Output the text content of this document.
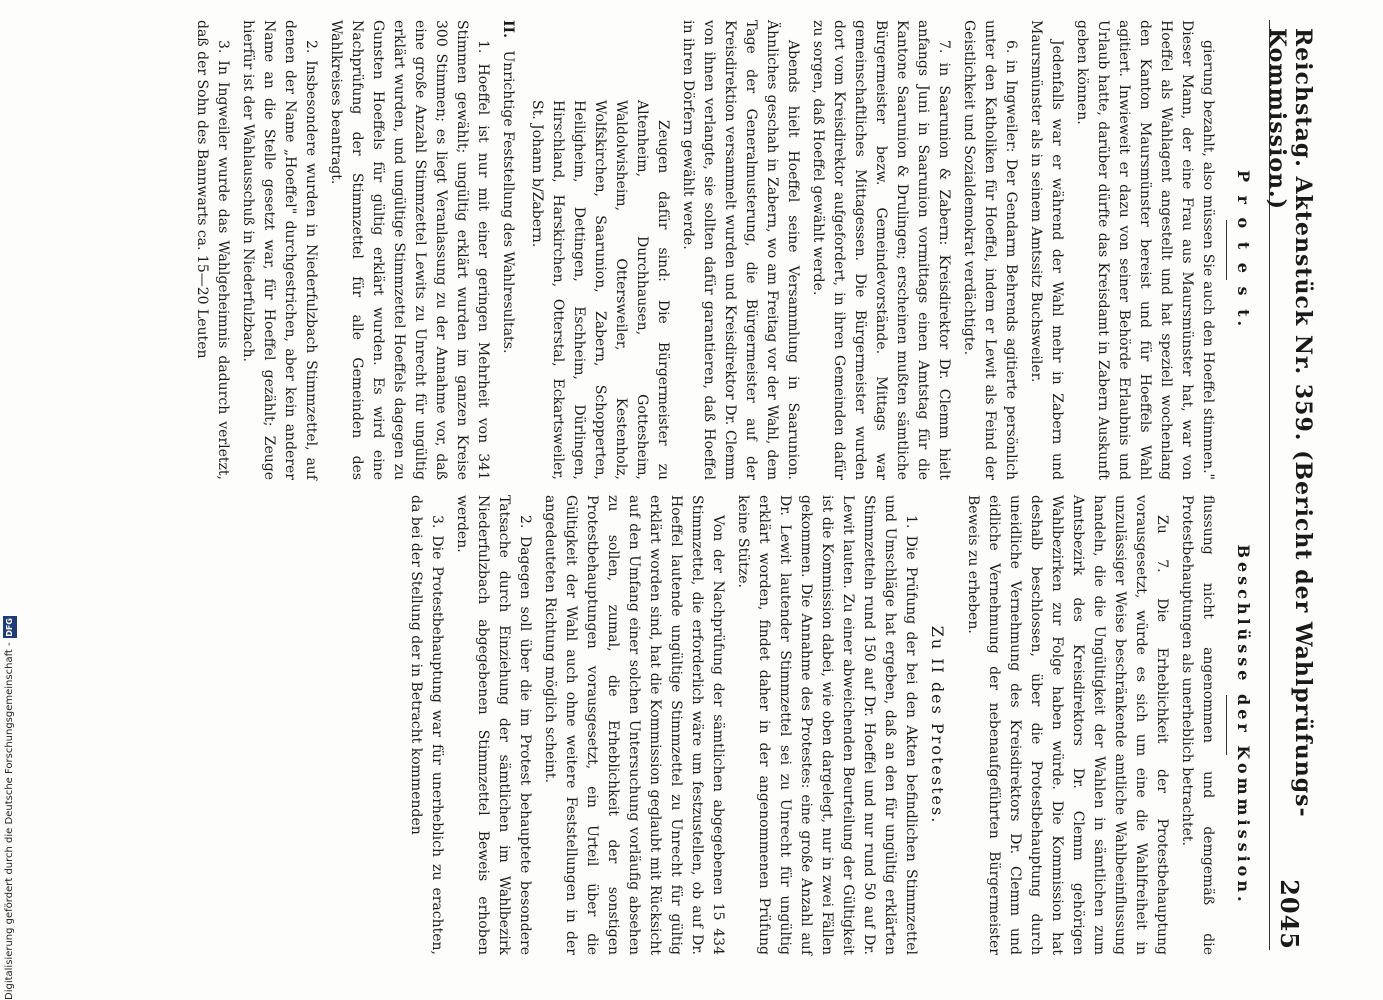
Reichstag. Aktenstück Nr. 359. (Bericht der Wahlprüfungs-Kommission.)
2045
P r o t e s t.

gierung bezahlt, also müssen Sie auch den Hoeffel stimmen." Dieser Mann, der eine Frau aus Maursmünster hat, war von Hoeffel als Wahlagent angestellt und hat speziell wochenlang den Kanton Maursmünster bereist und für Hoeffels Wahl agitiert. Inwieweit er dazu von seiner Behörde Erlaubnis und Urlaub hatte, darüber dürfte das Kreisdamt in Zabern Auskunft geben können.

Jedenfalls war er während der Wahl mehr in Zabern und Maursmünster als in seinem Amtssitz Buchsweiler.

6. in Ingweiler: Der Gendarm Behrends agitierte persönlich unter den Katholiken für Hoeffel, indem er Lewit als Feind der Geistlichkeit und Sozialdemokrat verdächtigte.

7. in Saarunion & Zabern: Kreisdirektor Dr. Clemm hielt anfangs Juni in Saarunion vormittags einen Amtstag für die Kantone Saarunion & Drulingen; erscheinen mußten sämtliche Bürgermeister bezw. Gemeindevorstände. Mittags war gemeinschaftliches Mittagessen. Die Bürgermeister wurden dort vom Kreisdirektor aufgefordert, in ihren Gemeinden dafür zu sorgen, daß Hoeffel gewählt werde.

Abends hielt Hoeffel seine Versammlung in Saarunion. Ähnliches geschah in Zabern, wo am Freitag vor der Wahl, dem Tage der Generalmusterung, die Bürgermeister auf der Kreisdirektion versammelt wurden und Kreisdirektor Dr. Clemm von ihnen verlangte, sie sollten dafür garantieren, daß Hoeffel in ihren Dörfern gewählt werde.

Zeugen dafür sind: Die Bürgermeister zu Altenheim, Durchhausen, Gottesheim, Waldolwisheim, Ottersweiler, Kestenholz, Wolfskirchen, Saarunion, Zabern, Schopperten, Heiligheim, Dettingen, Eschheim, Dürlingen, Hirschland, Harskirchen, Otterstal, Eckartsweiler, St. Johann b/Zabern.

II. Unrichtige Feststellung des Wahlresultats.

1. Hoeffel ist nur mit einer geringen Mehrheit von 341 Stimmen gewählt; ungültig erklärt wurden im ganzen Kreise 300 Stimmen; es liegt Veranlassung zu der Annahme vor, daß eine große Anzahl Stimmzettel Lewits zu Unrecht für ungültig erklärt wurden, und ungültige Stimmzettel Hoeffels dagegen zu Gunsten Hoeffels für gültig erklärt wurden. Es wird eine Nachprüfung der Stimmzettel für alle Gemeinden des Wahlkreises beantragt.

2. Insbesondere wurden in Niederfulzbach Stimmzettel, auf denen der Name „Hoeffel" durchgestrichen, aber kein anderer Name an die Stelle gesetzt war, für Hoeffel gezählt; Zeuge hierfür ist der Wahlausschuß in Niederfulzbach.

3. In Ingweiler wurde das Wahlgeheimnis dadurch verletzt, daß der Sohn des Bannwarts ca. 15—20 Leuten

Beschlüsse der Kommission.

flussung nicht angenommen und demgemäß die Protestbehauptungen als unerheblich betrachtet.

Zu 7. Die Erheblichkeit der Protestbehauptung vorausgesetzt, würde es sich um eine die Wahlfreiheit in unzulässiger Weise beschränkende amtliche Wahlbeeinflussung handeln, die die Ungültigkeit der Wahlen in sämtlichen zum Amtsbezirk des Kreisdirektors Dr. Clemm gehörigen Wahlbezirken zur Folge haben würde. Die Kommission hat deshalb beschlossen, über die Protestbehauptung durch uneidliche Vernehmung des Kreisdirektors Dr. Clemm und eidliche Vernehmung der nebenaufgeführten Bürgermeister Beweis zu erheben.

Zu II des Protestes.

1. Die Prüfung der bei den Akten befindlichen Stimmzettel und Umschläge hat ergeben, daß an den für ungültig erklärten Stimmzetteln rund 150 auf Dr. Hoeffel und nur rund 50 auf Dr. Lewit lauten. Zu einer abweichenden Beurteilung der Gültigkeit ist die Kommission dabei, wie oben dargelegt, nur in zwei Fällen gekommen. Die Annahme des Protestes: eine große Anzahl auf Dr. Lewit lautender Stimmzettel sei zu Unrecht für ungültig erklärt worden, findet daher in der angenommenen Prüfung keine Stütze.

Von der Nachprüfung der sämtlichen abgegebenen 15 434 Stimmzettel, die erforderlich wäre um festzustellen, ob auf Dr. Hoeffel lautende ungültige Stimmzettel zu Unrecht für gültig erklärt worden sind, hat die Kommission geglaubt mit Rücksicht auf den Umfang einer solchen Untersuchung vorläufig absehen zu sollen, zumal, die Erheblichkeit der sonstigen Protestbehauptungen vorausgesetzt, ein Urteil über die Gültigkeit der Wahl auch ohne weitere Feststellungen in der angedeuteten Richtung möglich scheint.

2. Dagegen soll über die im Protest behauptete besondere Tatsache durch Einziehung der sämtlichen im Wahlbezirk Niederfulzbach abgegebenen Stimmzettel Beweis erhoben werden.

3. Die Protestbehauptung war für unerheblich zu erachten, da bei der Stellung der in Betracht kommenden

Digitalisierung gefördert durch die Deutsche Forschungsgemeinschaft -
DFG
